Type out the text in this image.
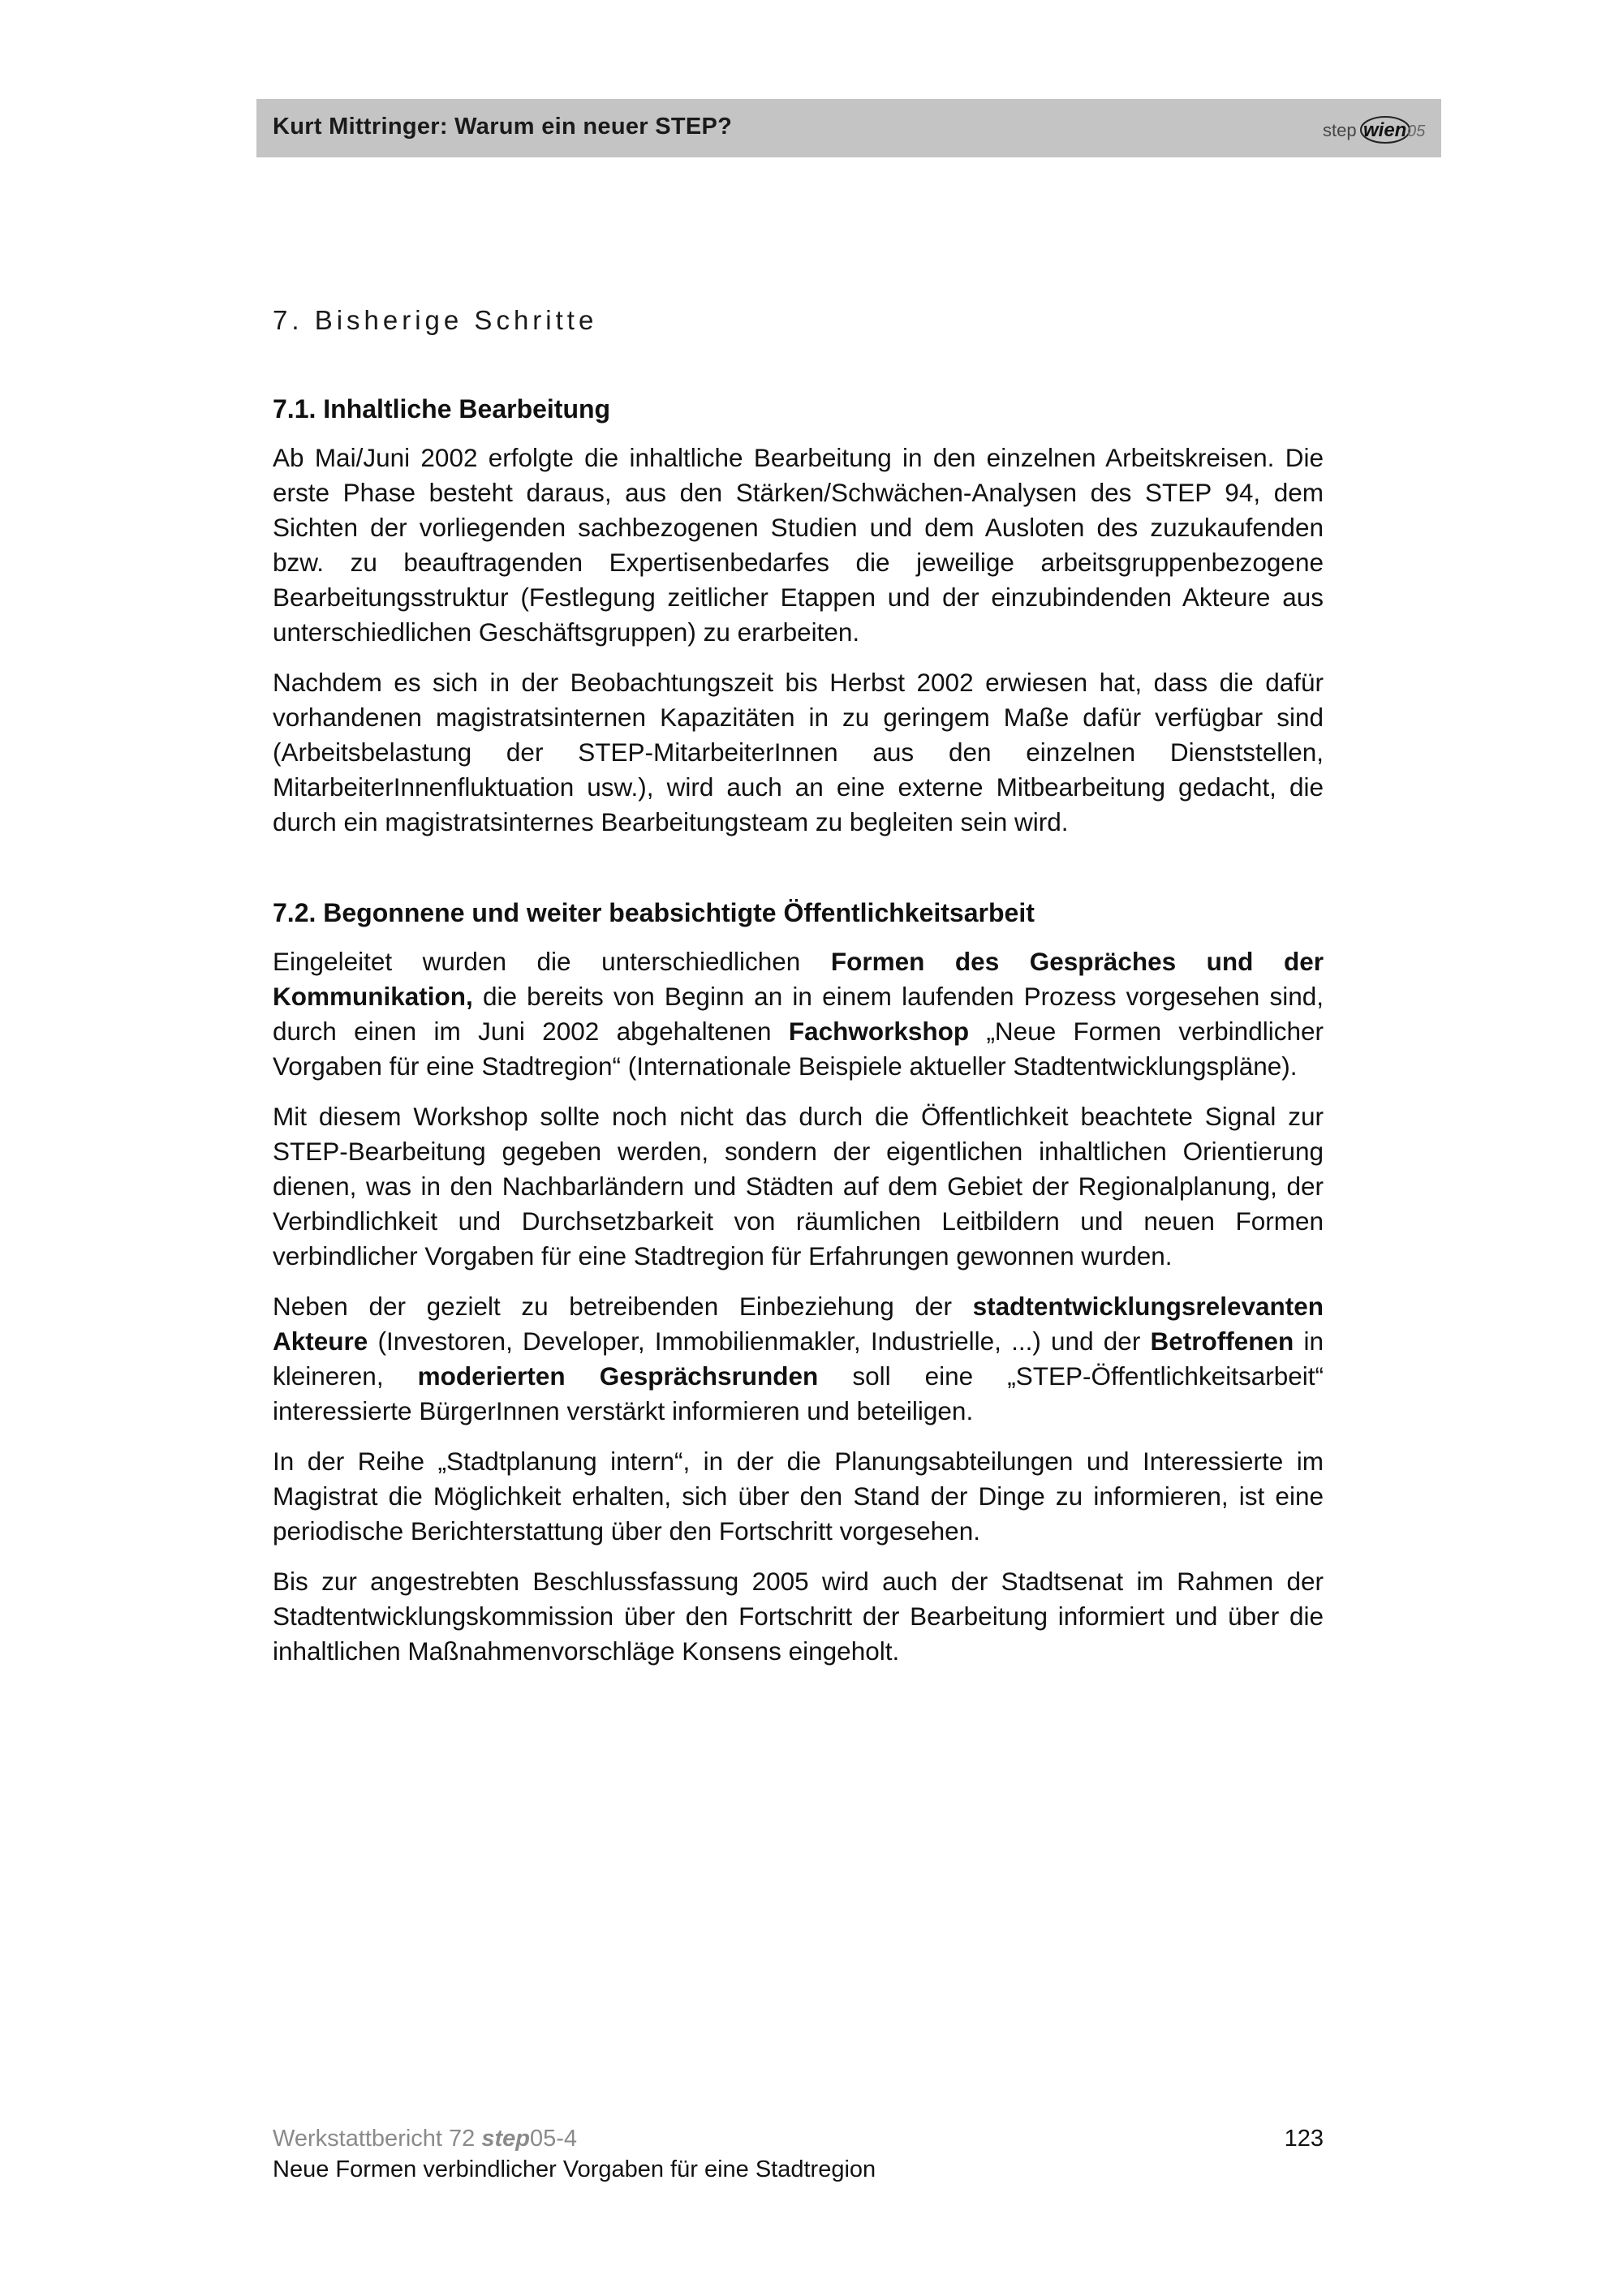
Kurt Mittringer: Warum ein neuer STEP?	step wien 05
7. Bisherige Schritte
7.1. Inhaltliche Bearbeitung

Ab Mai/Juni 2002 erfolgte die inhaltliche Bearbeitung in den einzelnen Arbeitskreisen. Die erste Phase besteht daraus, aus den Stärken/Schwächen-Analysen des STEP 94, dem Sichten der vorliegenden sachbezogenen Studien und dem Ausloten des zuzukaufenden bzw. zu beauftragenden Expertisenbedarfes die jeweilige arbeitsgruppenbezogene Bearbeitungsstruktur (Festlegung zeitlicher Etappen und der einzubindenden Akteure aus unterschiedlichen Geschäftsgruppen) zu erarbeiten.

Nachdem es sich in der Beobachtungszeit bis Herbst 2002 erwiesen hat, dass die dafür vorhandenen magistratsinternen Kapazitäten in zu geringem Maße dafür verfügbar sind (Arbeitsbelastung der STEP-MitarbeiterInnen aus den einzelnen Dienststellen, MitarbeiterInnenfluktuation usw.), wird auch an eine externe Mitbearbeitung gedacht, die durch ein magistratsinternes Bearbeitungsteam zu begleiten sein wird.

7.2. Begonnene und weiter beabsichtigte Öffentlichkeitsarbeit

Eingeleitet wurden die unterschiedlichen Formen des Gespräches und der Kommunikation, die bereits von Beginn an in einem laufenden Prozess vorgesehen sind, durch einen im Juni 2002 abgehaltenen Fachworkshop „Neue Formen verbindlicher Vorgaben für eine Stadtregion“ (Internationale Beispiele aktueller Stadtentwicklungspläne).

Mit diesem Workshop sollte noch nicht das durch die Öffentlichkeit beachtete Signal zur STEP-Bearbeitung gegeben werden, sondern der eigentlichen inhaltlichen Orientierung dienen, was in den Nachbarländern und Städten auf dem Gebiet der Regionalplanung, der Verbindlichkeit und Durchsetzbarkeit von räumlichen Leitbildern und neuen Formen verbindlicher Vorgaben für eine Stadtregion für Erfahrungen gewonnen wurden.

Neben der gezielt zu betreibenden Einbeziehung der stadtentwicklungsrelevanten Akteure (Investoren, Developer, Immobilienmakler, Industrielle, ...) und der Betroffenen in kleineren, moderierten Gesprächsrunden soll eine „STEP-Öffentlichkeitsarbeit“ interessierte BürgerInnen verstärkt informieren und beteiligen.

In der Reihe „Stadtplanung intern“, in der die Planungsabteilungen und Interessierte im Magistrat die Möglichkeit erhalten, sich über den Stand der Dinge zu informieren, ist eine periodische Berichterstattung über den Fortschritt vorgesehen.

Bis zur angestrebten Beschlussfassung 2005 wird auch der Stadtsenat im Rahmen der Stadtentwicklungskommission über den Fortschritt der Bearbeitung informiert und über die inhaltlichen Maßnahmenvorschläge Konsens eingeholt.

Werkstattbericht 72 step05-4	123
Neue Formen verbindlicher Vorgaben für eine Stadtregion
